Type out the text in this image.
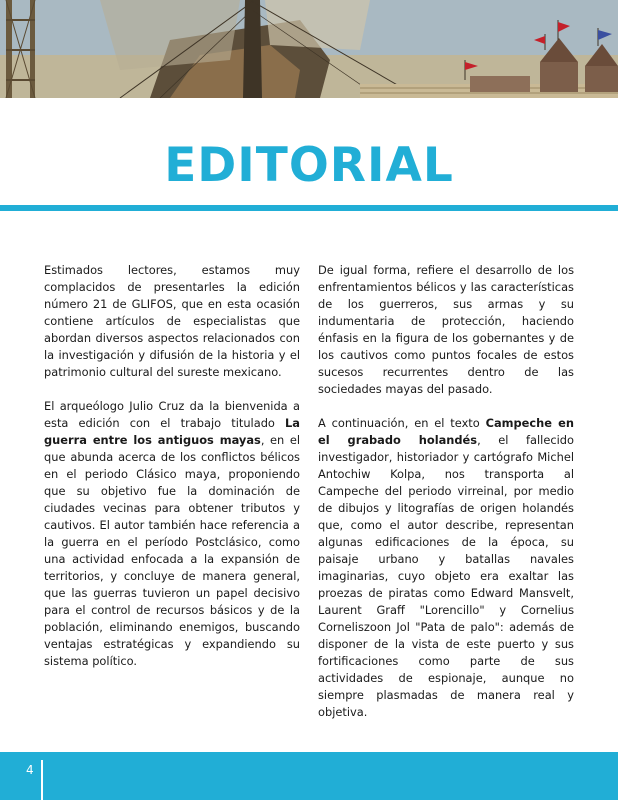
EDITORIAL

Estimados lectores, estamos muy complacidos de presentarles la edición número 21 de GLIFOS, que en esta ocasión contiene artículos de especialistas que abordan diversos aspectos relacionados con la investigación y difusión de la historia y el patrimonio cultural del sureste mexicano.

El arqueólogo Julio Cruz da la bienvenida a esta edición con el trabajo titulado La guerra entre los antiguos mayas, en el que abunda acerca de los conflictos bélicos en el periodo Clásico maya, proponiendo que su objetivo fue la dominación de ciudades vecinas para obtener tributos y cautivos. El autor también hace referencia a la guerra en el período Postclásico, como una actividad enfocada a la expansión de territorios, y concluye de manera general, que las guerras tuvieron un papel decisivo para el control de recursos básicos y de la población, eliminando enemigos, buscando ventajas estratégicas y expandiendo su sistema político.

De igual forma, refiere el desarrollo de los enfrentamientos bélicos y las características de los guerreros, sus armas y su indumentaria de protección, haciendo énfasis en la figura de los gobernantes y de los cautivos como puntos focales de estos sucesos recurrentes dentro de las sociedades mayas del pasado.

A continuación, en el texto Campeche en el grabado holandés, el fallecido investigador, historiador y cartógrafo Michel Antochiw Kolpa, nos transporta al Campeche del periodo virreinal, por medio de dibujos y litografías de origen holandés que, como el autor describe, representan algunas edificaciones de la época, su paisaje urbano y batallas navales imaginarias, cuyo objeto era exaltar las proezas de piratas como Edward Mansvelt, Laurent Graff "Lorencillo" y Cornelius Corneliszoon Jol "Pata de palo": además de disponer de la vista de este puerto y sus fortificaciones como parte de sus actividades de espionaje, aunque no siempre plasmadas de manera real y objetiva.

4
